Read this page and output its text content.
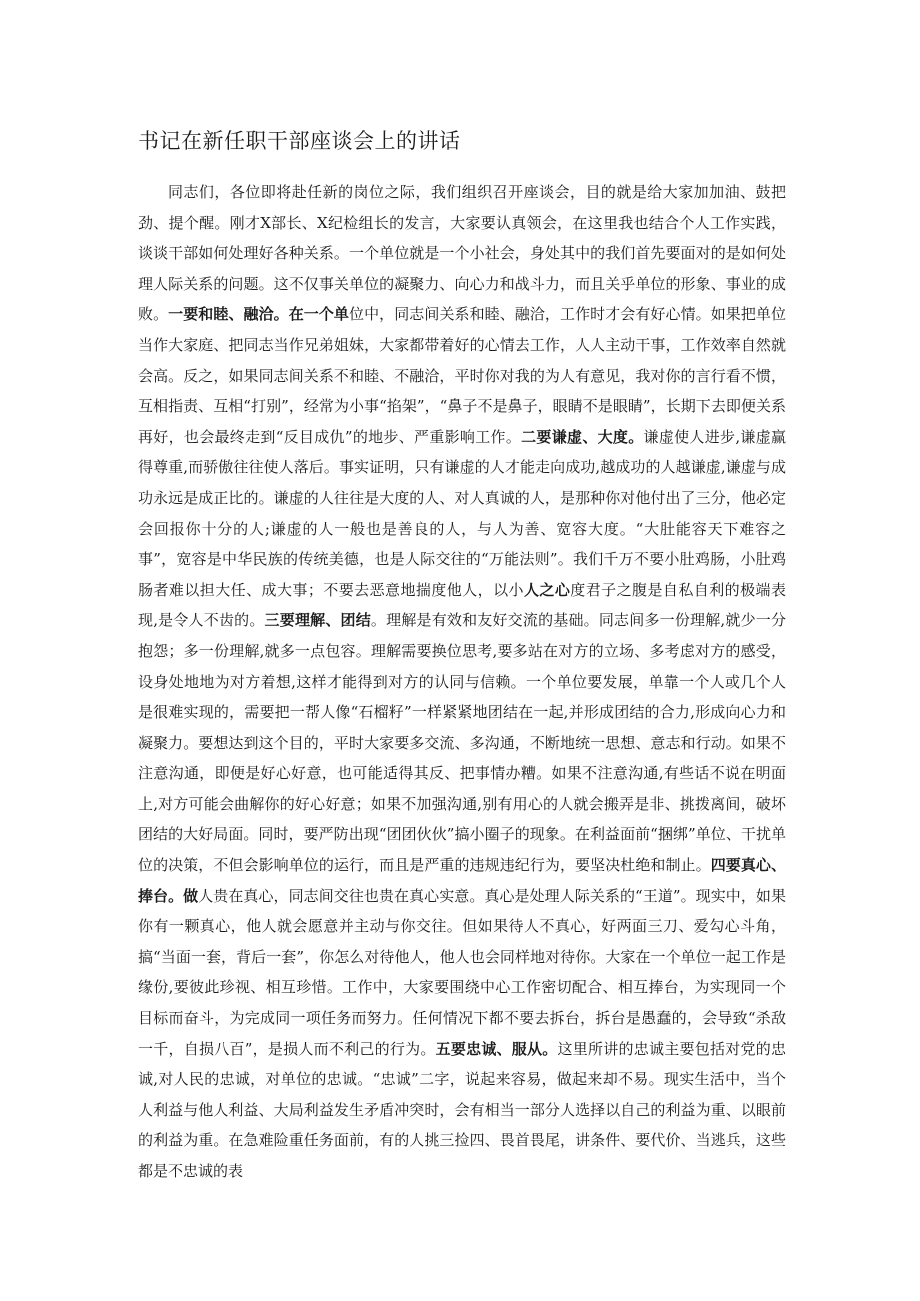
书记在新任职干部座谈会上的讲话

同志们，各位即将赴任新的岗位之际，我们组织召开座谈会，目的就是给大家加加油、鼓把劲、提个醒。刚才X部长、X纪检组长的发言，大家要认真领会，在这里我也结合个人工作实践，谈谈干部如何处理好各种关系。一个单位就是一个小社会，身处其中的我们首先要面对的是如何处理人际关系的问题。这不仅事关单位的凝聚力、向心力和战斗力，而且关乎单位的形象、事业的成败。一要和睦、融洽。在一个单位中，同志间关系和睦、融洽，工作时才会有好心情。如果把单位当作大家庭、把同志当作兄弟姐妹，大家都带着好的心情去工作，人人主动干事，工作效率自然就会高。反之，如果同志间关系不和睦、不融洽，平时你对我的为人有意见，我对你的言行看不惯，互相指责、互相“打别”，经常为小事“掐架”，“鼻子不是鼻子，眼睛不是眼睛”，长期下去即便关系再好，也会最终走到“反目成仇”的地步、严重影响工作。二要谦虚、大度。谦虚使人进步,谦虚赢得尊重,而骄傲往往使人落后。事实证明，只有谦虚的人才能走向成功,越成功的人越谦虚,谦虚与成功永远是成正比的。谦虚的人往往是大度的人、对人真诚的人，是那种你对他付出了三分，他必定会回报你十分的人;谦虚的人一般也是善良的人，与人为善、宽容大度。“大肚能容天下难容之事”，宽容是中华民族的传统美德，也是人际交往的“万能法则”。我们千万不要小肚鸡肠，小肚鸡肠者难以担大任、成大事；不要去恶意地揣度他人，以小人之心度君子之腹是自私自利的极端表现,是令人不齿的。三要理解、团结。理解是有效和友好交流的基础。同志间多一份理解,就少一分抱怨；多一份理解,就多一点包容。理解需要换位思考,要多站在对方的立场、多考虑对方的感受，设身处地地为对方着想,这样才能得到对方的认同与信赖。一个单位要发展，单靠一个人或几个人是很难实现的，需要把一帮人像“石榴籽”一样紧紧地团结在一起,并形成团结的合力,形成向心力和凝聚力。要想达到这个目的，平时大家要多交流、多沟通，不断地统一思想、意志和行动。如果不注意沟通，即便是好心好意，也可能适得其反、把事情办糟。如果不注意沟通,有些话不说在明面上,对方可能会曲解你的好心好意；如果不加强沟通,别有用心的人就会搬弄是非、挑拨离间，破坏团结的大好局面。同时，要严防出现“团团伙伙”搞小圈子的现象。在利益面前“捆绑”单位、干扰单位的决策，不但会影响单位的运行，而且是严重的违规违纪行为，要坚决杜绝和制止。四要真心、捧台。做人贵在真心，同志间交往也贵在真心实意。真心是处理人际关系的“王道”。现实中，如果你有一颗真心，他人就会愿意并主动与你交往。但如果待人不真心，好两面三刀、爱勾心斗角，搞“当面一套，背后一套”，你怎么对待他人，他人也会同样地对待你。大家在一个单位一起工作是缘份,要彼此珍视、相互珍惜。工作中，大家要围绕中心工作密切配合、相互捧台，为实现同一个目标而奋斗，为完成同一项任务而努力。任何情况下都不要去拆台，拆台是愚蠢的，会导致“杀敌一千，自损八百”，是损人而不利己的行为。五要忠诚、服从。这里所讲的忠诚主要包括对党的忠诚,对人民的忠诚，对单位的忠诚。“忠诚”二字，说起来容易，做起来却不易。现实生活中，当个人利益与他人利益、大局利益发生矛盾冲突时，会有相当一部分人选择以自己的利益为重、以眼前的利益为重。在急难险重任务面前，有的人挑三捡四、畏首畏尾，讲条件、要代价、当逃兵，这些都是不忠诚的表
